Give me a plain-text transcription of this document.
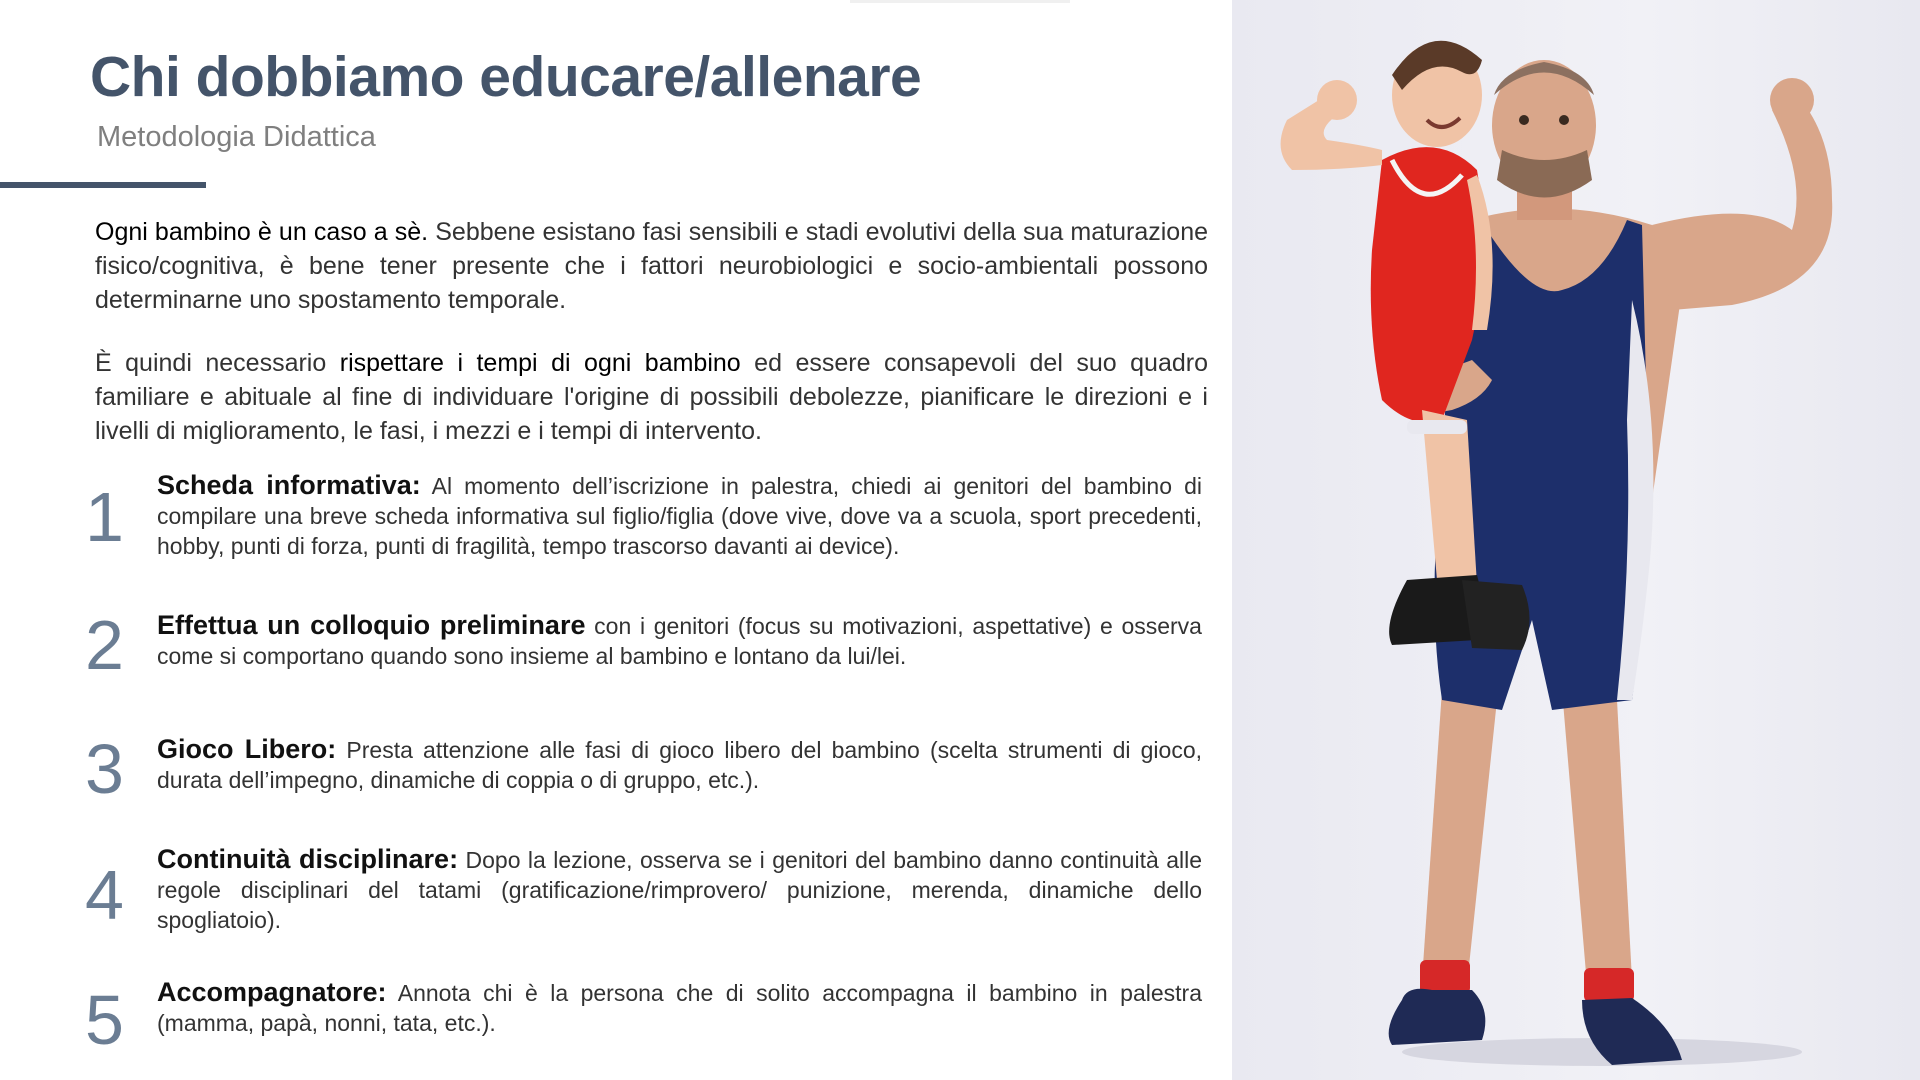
Chi dobbiamo educare/allenare

Metodologia Didattica

Ogni bambino è un caso a sè. Sebbene esistano fasi sensibili e stadi evolutivi della sua maturazione fisico/cognitiva, è bene tener presente che i fattori neurobiologici e socio-ambientali possono determinarne uno spostamento temporale.

È quindi necessario rispettare i tempi di ogni bambino ed essere consapevoli del suo quadro familiare e abituale al fine di individuare l'origine di possibili debolezze, pianificare le direzioni e i livelli di miglioramento, le fasi, i mezzi e i tempi di intervento.

1	Scheda informativa: Al momento dell’iscrizione in palestra, chiedi ai genitori del bambino di compilare una breve scheda informativa sul figlio/figlia (dove vive, dove va a scuola, sport precedenti, hobby, punti di forza, punti di fragilità, tempo trascorso davanti ai device).

2	Effettua un colloquio preliminare con i genitori (focus su motivazioni, aspettative) e osserva come si comportano quando sono insieme al bambino e lontano da lui/lei.

3	Gioco Libero: Presta attenzione alle fasi di gioco libero del bambino (scelta strumenti di gioco, durata dell’impegno, dinamiche di coppia o di gruppo, etc.).

4	Continuità disciplinare: Dopo la lezione, osserva se i genitori del bambino danno continuità alle regole disciplinari del tatami (gratificazione/rimprovero/ punizione, merenda, dinamiche dello spogliatoio).

5	Accompagnatore: Annota chi è la persona che di solito accompagna il bambino in palestra (mamma, papà, nonni, tata, etc.).
